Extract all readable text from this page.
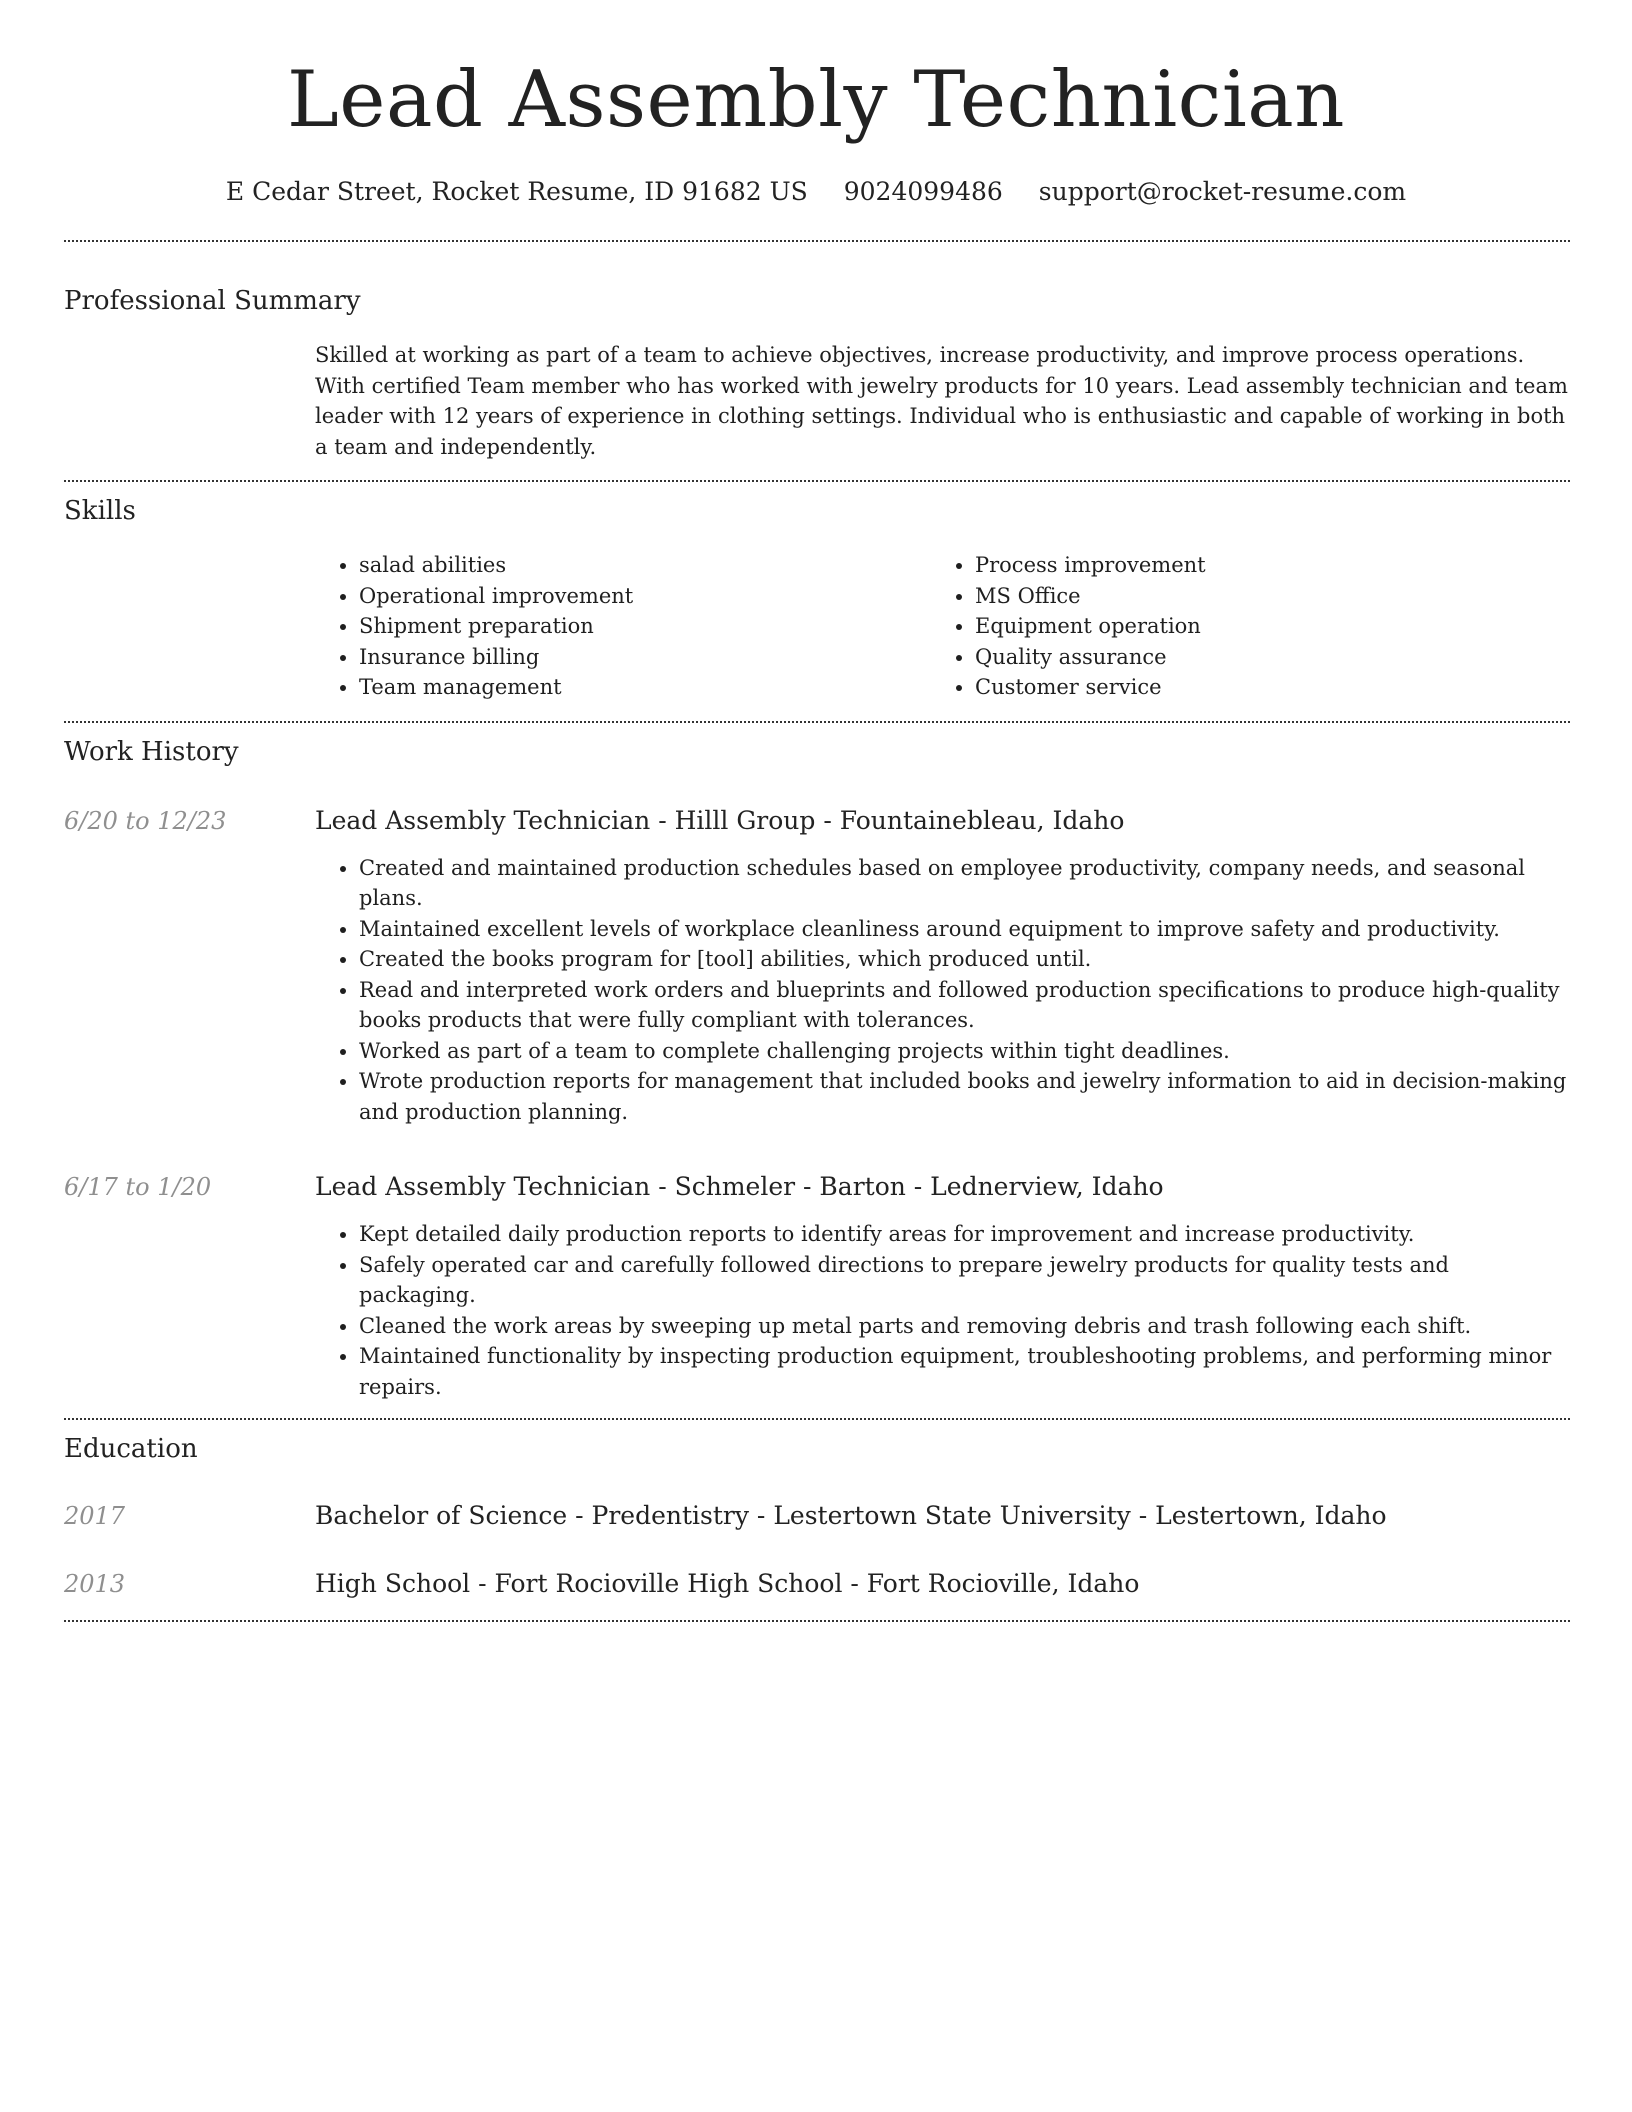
Lead Assembly Technician
E Cedar Street, Rocket Resume, ID 91682 US 9024099486 support@rocket-resume.com
Professional Summary

Skilled at working as part of a team to achieve objectives, increase productivity, and improve process operations. With certified Team member who has worked with jewelry products for 10 years. Lead assembly technician and team leader with 12 years of experience in clothing settings. Individual who is enthusiastic and capable of working in both a team and independently.

Skills
• salad abilities
• Operational improvement
• Shipment preparation
• Insurance billing
• Team management
• Process improvement
• MS Office
• Equipment operation
• Quality assurance
• Customer service
Work History
6/20 to 12/23	Lead Assembly Technician - Hilll Group - Fountainebleau, Idaho
• Created and maintained production schedules based on employee productivity, company needs, and seasonal plans.
• Maintained excellent levels of workplace cleanliness around equipment to improve safety and productivity.
• Created the books program for [tool] abilities, which produced until.
• Read and interpreted work orders and blueprints and followed production specifications to produce high-quality books products that were fully compliant with tolerances.
• Worked as part of a team to complete challenging projects within tight deadlines.
• Wrote production reports for management that included books and jewelry information to aid in decision-making and production planning.
6/17 to 1/20	Lead Assembly Technician - Schmeler - Barton - Lednerview, Idaho
• Kept detailed daily production reports to identify areas for improvement and increase productivity.
• Safely operated car and carefully followed directions to prepare jewelry products for quality tests and packaging.
• Cleaned the work areas by sweeping up metal parts and removing debris and trash following each shift.
• Maintained functionality by inspecting production equipment, troubleshooting problems, and performing minor repairs.
Education
2017	Bachelor of Science - Predentistry - Lestertown State University - Lestertown, Idaho
2013	High School - Fort Rocioville High School - Fort Rocioville, Idaho
